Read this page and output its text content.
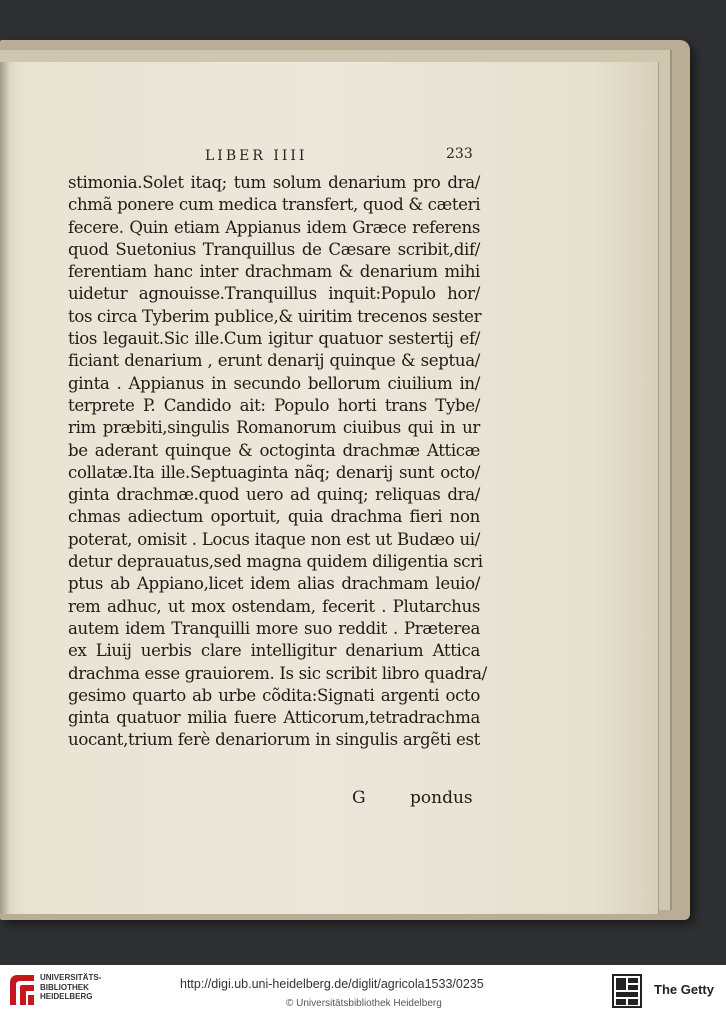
LIBER IIII	233
stimonia.Solet itaq; tum solum denarium pro dra/
chmã ponere cum medica transfert, quod & cæteri
fecere. Quin etiam Appianus idem Græce referens
quod Suetonius Tranquillus de Cæsare scribit,dif/
ferentiam hanc inter drachmam & denarium mihi
uidetur agnouisse.Tranquillus inquit:Populo hor/
tos circa Tyberim publice,& uiritim trecenos sester
tios legauit.Sic ille.Cum igitur quatuor sestertij ef/
ficiant denarium , erunt denarij quinque & septua/
ginta . Appianus in secundo bellorum ciuilium in/
terprete P. Candido ait: Populo horti trans Tybe/
rim præbiti,singulis Romanorum ciuibus qui in ur
be aderant quinque & octoginta drachmæ Atticæ
collatæ.Ita ille.Septuaginta nãq; denarij sunt octo/
ginta drachmæ.quod uero ad quinq; reliquas dra/
chmas adiectum oportuit, quia drachma fieri non
poterat, omisit . Locus itaque non est ut Budæo ui/
detur deprauatus,sed magna quidem diligentia scri
ptus ab Appiano,licet idem alias drachmam leuio/
rem adhuc, ut mox ostendam, fecerit . Plutarchus
autem idem Tranquilli more suo reddit . Præterea
ex Liuij uerbis clare intelligitur denarium Attica
drachma esse grauiorem. Is sic scribit libro quadra/
gesimo quarto ab urbe cõdita:Signati argenti octo
ginta quatuor milia fuere Atticorum,tetradrachma
uocant,trium ferè denariorum in singulis argẽti est
G	pondus
UNIVERSITÄTS-
BIBLIOTHEK
HEIDELBERG
http://digi.ub.uni-heidelberg.de/diglit/agricola1533/0235
© Universitätsbibliothek Heidelberg
The Getty
